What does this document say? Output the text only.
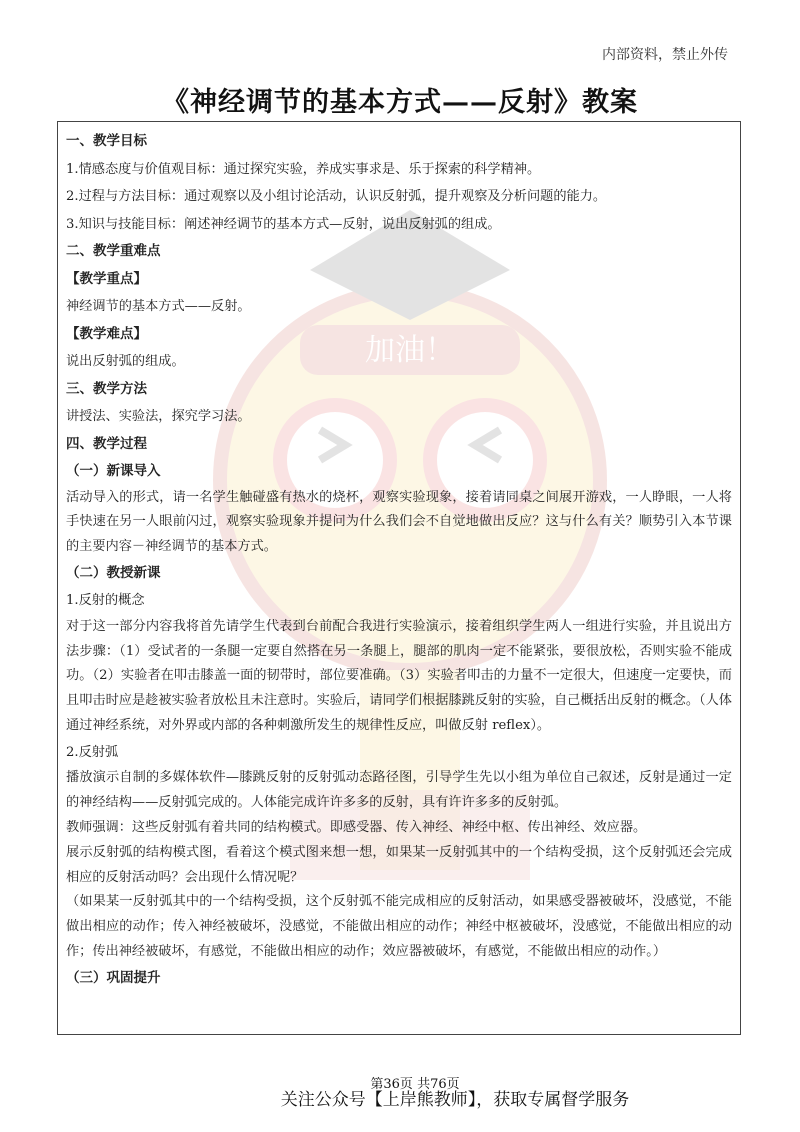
加油！
内部资料，禁止外传
《神经调节的基本方式——反射》教案

一、教学目标

1.情感态度与价值观目标：通过探究实验，养成实事求是、乐于探索的科学精神。

2.过程与方法目标：通过观察以及小组讨论活动，认识反射弧，提升观察及分析问题的能力。

3.知识与技能目标：阐述神经调节的基本方式—反射，说出反射弧的组成。

二、教学重难点

【教学重点】

神经调节的基本方式——反射。

【教学难点】

说出反射弧的组成。

三、教学方法

讲授法、实验法，探究学习法。

四、教学过程

（一）新课导入

活动导入的形式，请一名学生触碰盛有热水的烧杯，观察实验现象，接着请同桌之间展开游戏，一人睁眼，一人将手快速在另一人眼前闪过，观察实验现象并提问为什么我们会不自觉地做出反应？这与什么有关？顺势引入本节课的主要内容－神经调节的基本方式。

（二）教授新课

1.反射的概念

对于这一部分内容我将首先请学生代表到台前配合我进行实验演示，接着组织学生两人一组进行实验，并且说出方法步骤：（1）受试者的一条腿一定要自然搭在另一条腿上，腿部的肌肉一定不能紧张，要很放松，否则实验不能成功。（2）实验者在叩击膝盖一面的韧带时，部位要准确。（3）实验者叩击的力量不一定很大，但速度一定要快，而且叩击时应是趁被实验者放松且未注意时。实验后，请同学们根据膝跳反射的实验，自己概括出反射的概念。（人体通过神经系统，对外界或内部的各种刺激所发生的规律性反应，叫做反射 reflex）。

2.反射弧

播放演示自制的多媒体软件—膝跳反射的反射弧动态路径图，引导学生先以小组为单位自己叙述，反射是通过一定的神经结构——反射弧完成的。人体能完成许许多多的反射，具有许许多多的反射弧。

教师强调：这些反射弧有着共同的结构模式。即感受器、传入神经、神经中枢、传出神经、效应器。

展示反射弧的结构模式图，看着这个模式图来想一想，如果某一反射弧其中的一个结构受损，这个反射弧还会完成相应的反射活动吗？会出现什么情况呢？

（如果某一反射弧其中的一个结构受损，这个反射弧不能完成相应的反射活动，如果感受器被破坏，没感觉，不能做出相应的动作；传入神经被破坏，没感觉，不能做出相应的动作；神经中枢被破坏，没感觉，不能做出相应的动作；传出神经被破坏，有感觉，不能做出相应的动作；效应器被破坏，有感觉，不能做出相应的动作。）

（三）巩固提升

第36页 共76页
关注公众号【上岸熊教师】，获取专属督学服务
